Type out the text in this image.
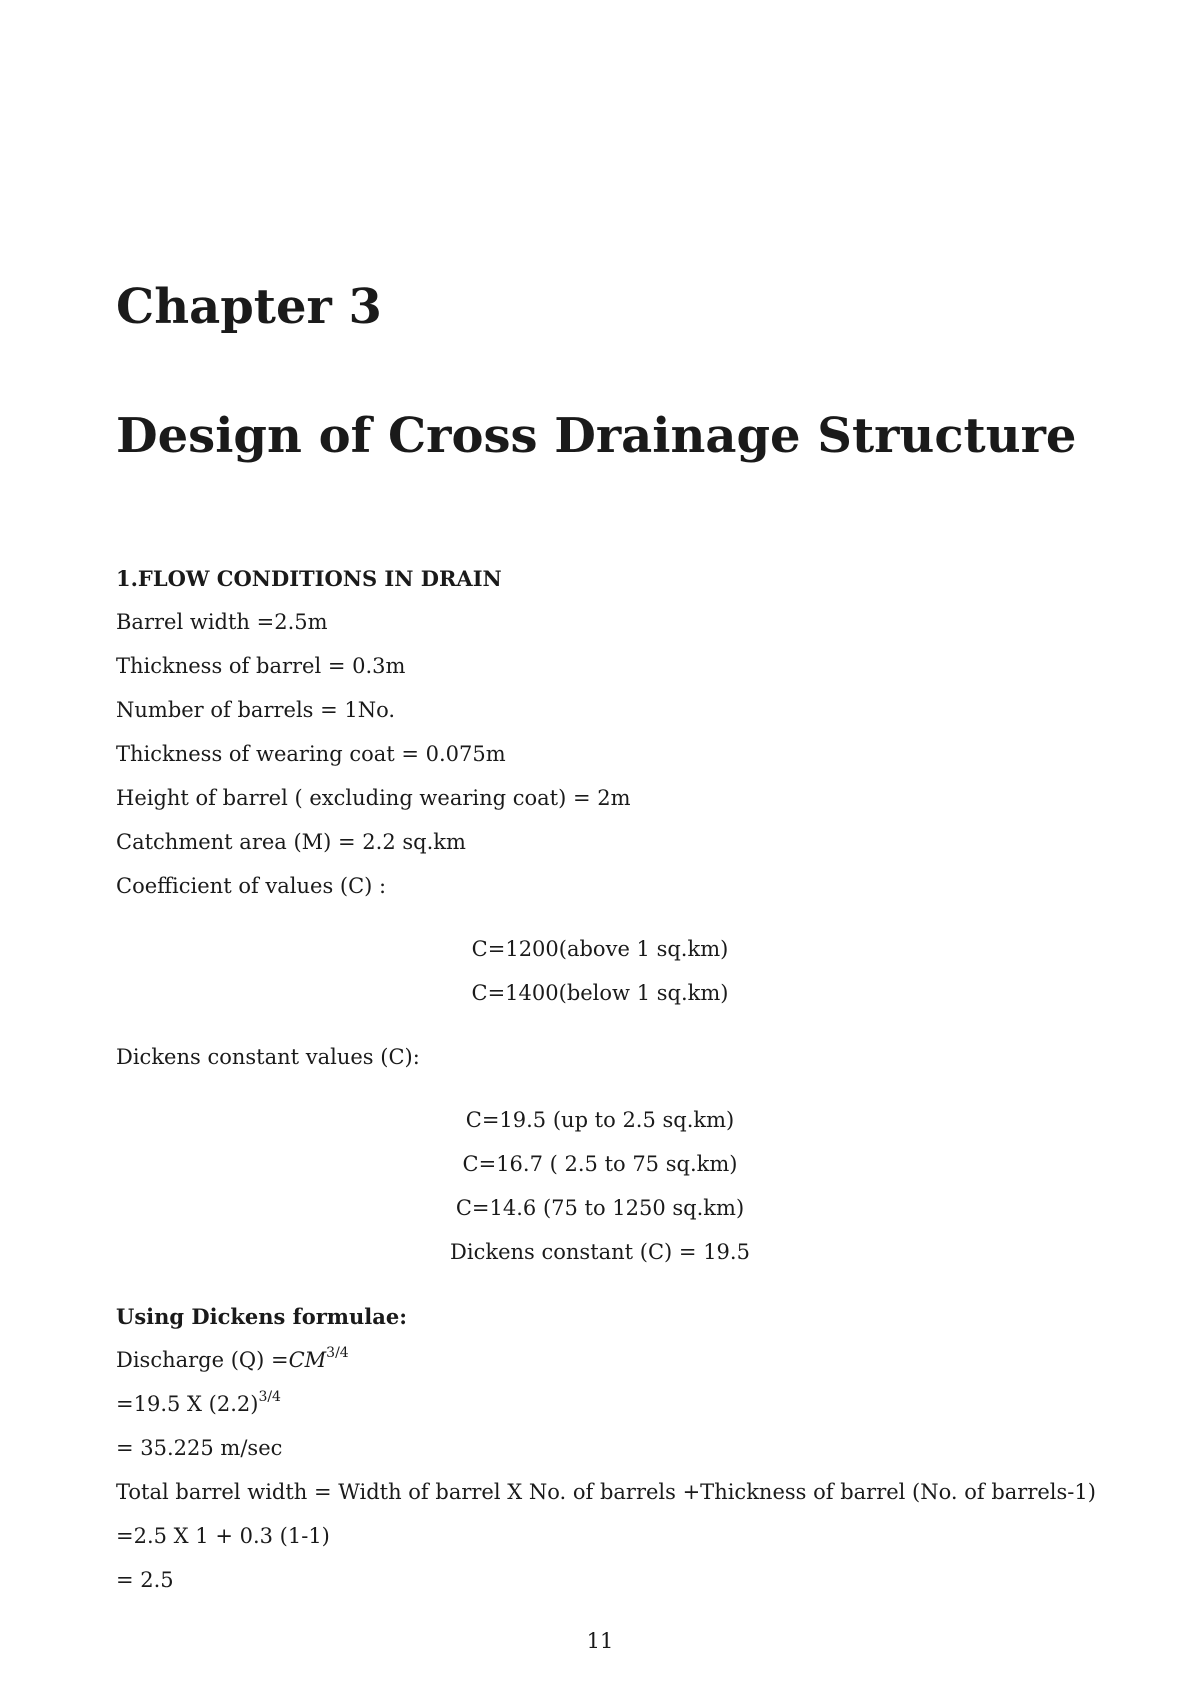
Chapter 3
Design of Cross Drainage Structure

1.FLOW CONDITIONS IN DRAIN

Barrel width =2.5m

Thickness of barrel = 0.3m

Number of barrels = 1No.

Thickness of wearing coat = 0.075m

Height of barrel ( excluding wearing coat) = 2m

Catchment area (M) = 2.2 sq.km

Coefficient of values (C) :

C=1200(above 1 sq.km)

C=1400(below 1 sq.km)

Dickens constant values (C):

C=19.5 (up to 2.5 sq.km)

C=16.7 ( 2.5 to 75 sq.km)

C=14.6 (75 to 1250 sq.km)

Dickens constant (C) = 19.5

Using Dickens formulae:

Discharge $(Q) =CM^{3/4}$

=19.5 X $(2.2)^{3/4}$

= 35.225 m/sec

Total barrel width = Width of barrel X No. of barrels +Thickness of barrel (No. of barrels-1)

=2.5 X 1 + 0.3 (1-1)

= 2.5

11
